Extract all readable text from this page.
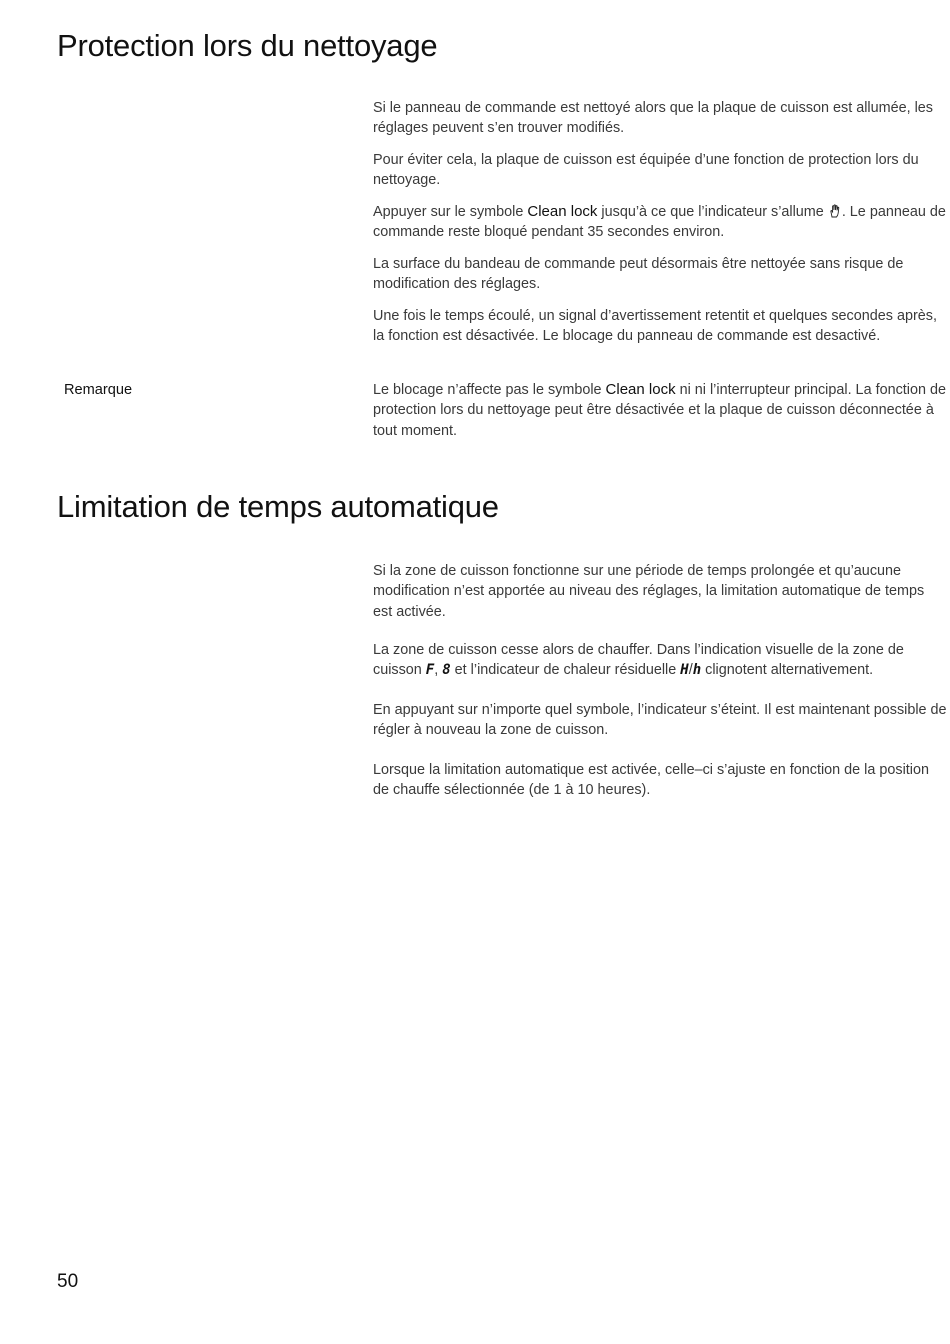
Protection lors du nettoyage

Si le panneau de commande est nettoyé alors que la plaque de cuisson est allumée, les réglages peuvent s’en trouver modifiés.

Pour éviter cela, la plaque de cuisson est équipée d’une fonction de protection lors du nettoyage.

Appuyer sur le symbole Clean lock jusqu’à ce que l’indicateur s’allume . Le panneau de commande reste bloqué pendant 35 secondes environ.

La surface du bandeau de commande peut désormais être nettoyée sans risque de modification des réglages.

Une fois le temps écoulé, un signal d’avertissement retentit et quelques secondes après, la fonction est désactivée. Le blocage du panneau de commande est desactivé.

Remarque	Le blocage n’affecte pas le symbole Clean lock ni ni l’interrupteur principal. La fonction de protection lors du nettoyage peut être désactivée et la plaque de cuisson déconnectée à tout moment.

Limitation de temps automatique

Si la zone de cuisson fonctionne sur une période de temps prolongée et qu’aucune modification n’est apportée au niveau des réglages, la limitation automatique de temps est activée.

La zone de cuisson cesse alors de chauffer. Dans l’indication visuelle de la zone de cuisson F, 8 et l’indicateur de chaleur résiduelle H/h clignotent alternativement.

En appuyant sur n’importe quel symbole, l’indicateur s’éteint. Il est maintenant possible de régler à nouveau la zone de cuisson.

Lorsque la limitation automatique est activée, celle–ci s’ajuste en fonction de la position de chauffe sélectionnée (de 1 à 10 heures).

50
